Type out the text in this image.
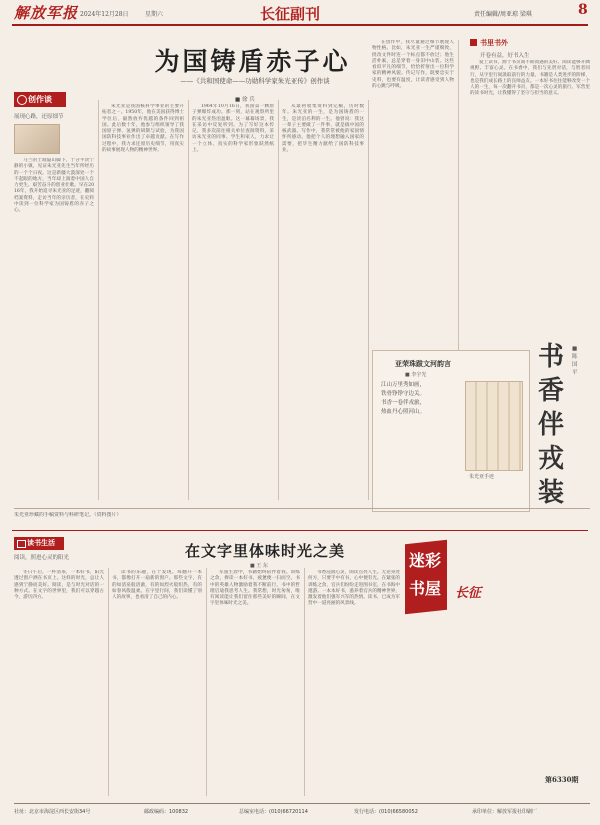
解放军报 2024年12月28日	星期六	长征副刊	责任编辑/周亚琼 梁琪	8
为国铸盾赤子心
——《共和国使命——功勋科学家朱光亚传》创作谈
■ 徐 兵
创作谈
展现心路，还原细节

马兰的土坡隐山脚下，十分平淡宁静的小镇，见证朱光亚先生当年所经历的一个个日夜。这是新疆大漠深处一个不起眼的地方，当年却上演着中国人自力更生、艰苦奋斗的创业壮歌。早在2016年，我开始追寻朱光亚的足迹，翻阅档案资料，走访当年的亲历者，在史料中读到一位科学家为国铸盾的赤子之心。

朱光亚是我国核科学事业的主要开拓者之一。1950年，他在美国获得博士学位后，毅然放弃优越的条件回到祖国。此后数十年，他参与组织领导了我国原子弹、氢弹的研制与试验，为我国国防科技事业作出了卓越贡献。在写作过程中，我力求还原历史细节，用真实的故事展现人物的精神世界。

1964年10月16日，我国第一颗原子弹爆炸成功。那一刻，站在观察所里的朱光亚热泪盈眶。这一幕幕场景，我在采访中反复听到。为了写好这本传记，我多次前往相关单位查阅资料，采访朱光亚的同事、学生和家人，力求让一个立体、真实的科学家形象跃然纸上。

从最初收集资料到完稿，历时数年。朱光亚的一生，是为国铸盾的一生，是淡泊名利的一生。他曾说：我这一辈子主要做了一件事，就是搞中国的核武器。写作中，我常常被他的家国情怀所感动。他把个人的理想融入国家的需要，把毕生精力献给了国防科技事业。

在创作中，我尽量通过细节展现人物性格。比如，朱光亚一生严谨细致，批改文件时连一个标点都不放过；他生活朴素，总是穿着一身旧中山装。这些看似平凡的细节，恰恰折射出一位科学家的精神风貌。传记写作，既要忠实于史料，也要有温度，让读者感受到人物的心跳与呼吸。

亚荣珠跋文河韵言
■ 李宇光
江山万里秀如画，
铁骨铮铮守边关。
书香一卷伴戎旅，
热血丹心照河山。
朱光亚手迹
书里书外
开卷有益，好书入生
爱上读书，源于书页间不期而遇的美好。阅读能够开阔视野、丰富心灵。在书香中，我们与先贤对话，与智者同行，从字里行间汲取前行的力量。书籍是人类进步的阶梯，也是我们成长路上的良师益友。一本好书往往能够改变一个人的一生，每一次翻开书页，都是一次心灵的旅行。军营里的读书时光，让我懂得了坚守与担当的意义。
书香伴戎装
■ 陈 国 平
朱光亚珍藏的手稿资料与科研笔记。（资料图片）
读书生活
阅读，照进心灵的阳光	在文字里体味时光之美
■ 王 东

冬日午后，一杯清茶，一本好书，阳光透过窗户洒在书页上。这样的时光，总让人感到宁静而美好。阅读，是与时光对话的一种方式。在文字的世界里，我们可以穿越古今，游历四方。

读书的乐趣，在于发现。每翻开一本书，都像打开一扇新的窗户。那些文字，有的如清泉般清澈，有的如烈火般炽热，有的如春风般温柔。在字里行间，我们读懂了别人的故事，也看清了自己的内心。

军旅生涯中，书籍始终陪伴着我。训练之余，捧读一本好书，疲惫便一扫而空。书中的英雄人物激励着我不断前行，书中的哲理启迪我思考人生。我常想，时光匆匆，唯有阅读能让我们留住那些美好的瞬间，在文字里体味时光之美。

书香浸润心灵，阅读点亮人生。无论身处何方，只要手中有书，心中便有光。在紧张的训练之余，官兵们纷纷走进图书室，在书海中遨游。一本本好书，滋养着官兵的精神世界，激发着他们强军兴军的热情。读书，已成为军营中一道亮丽的风景线。
迷彩
书屋 长征
第6330期
社址：北京市海淀区西长安街34号	邮政编码：100832	总编室电话：(010)66720114	发行电话：(010)66580052	承印单位：解放军报社印刷厂
